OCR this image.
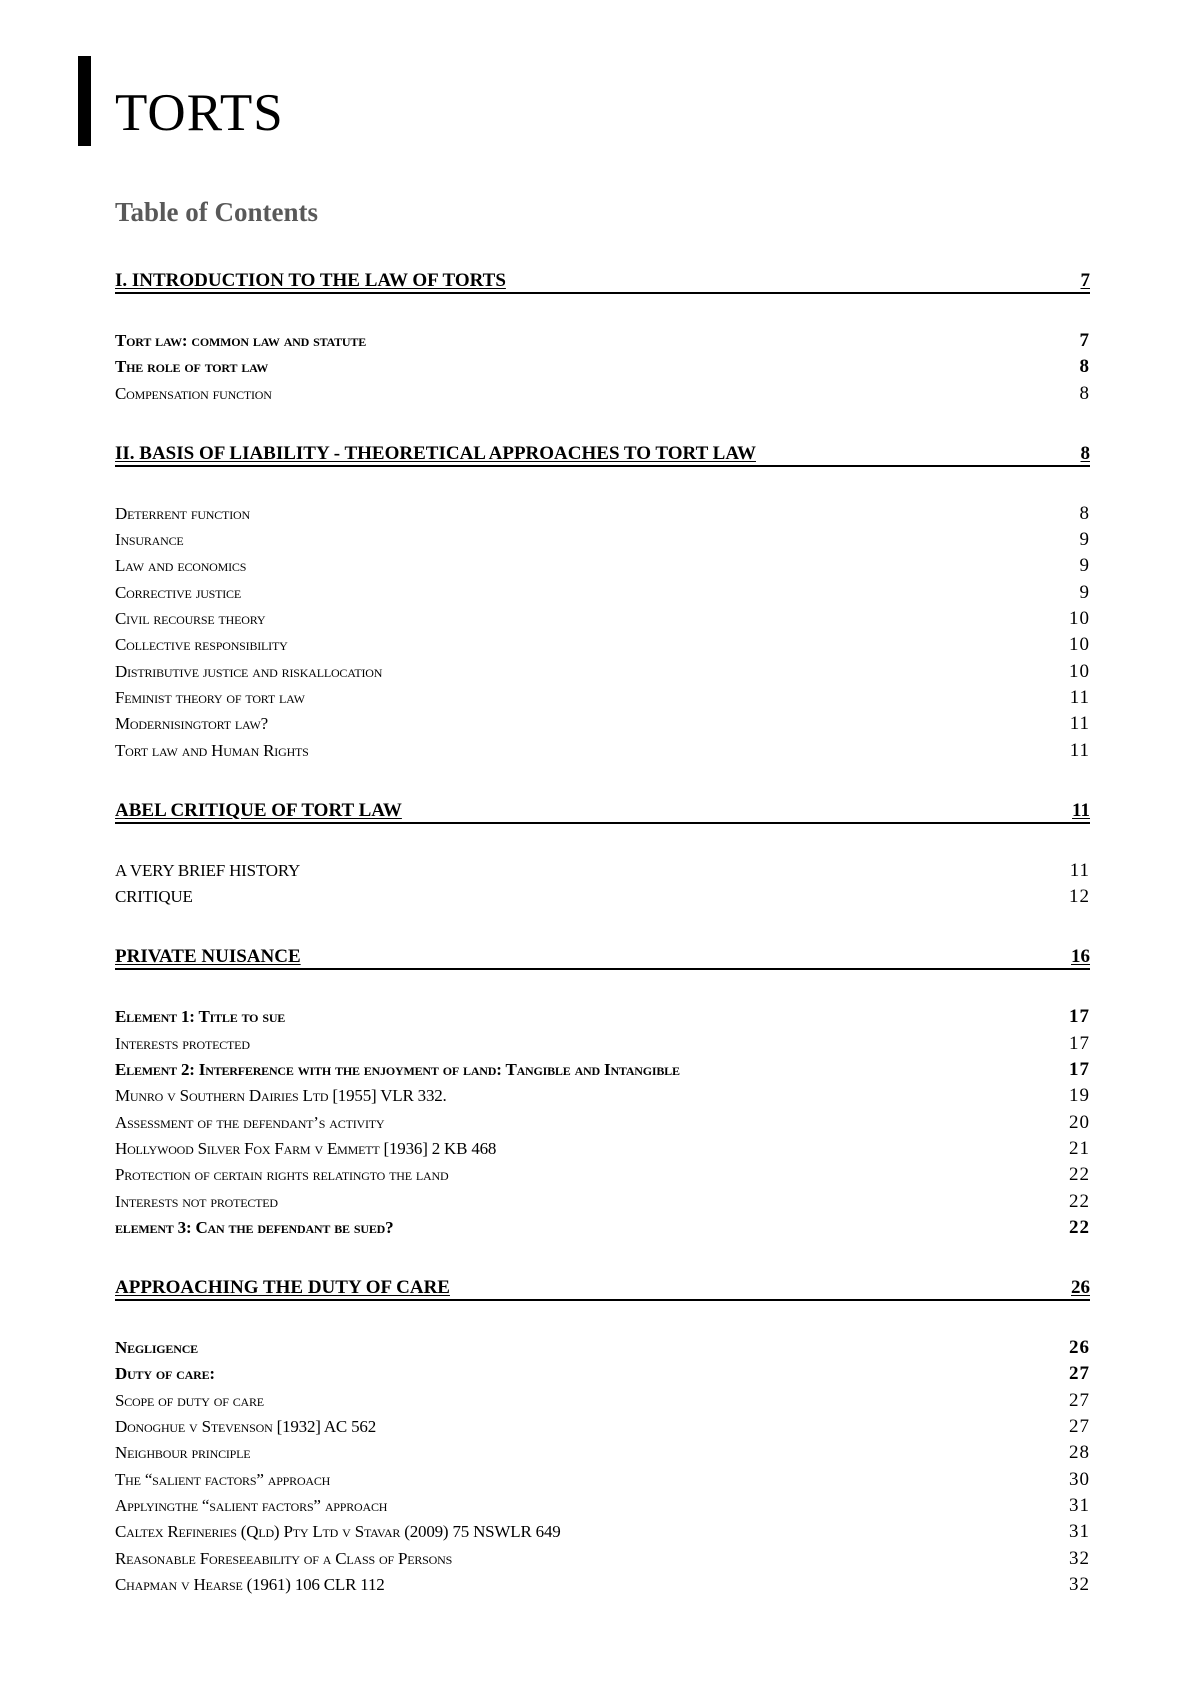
TORTS
Table of Contents
I. INTRODUCTION TO THE LAW OF TORTS	7
Tort law: common law and statute	7
The role of tort law	8
Compensation function	8
II. BASIS OF LIABILITY - THEORETICAL APPROACHES TO TORT LAW	8
Deterrent function	8
Insurance	9
Law and economics	9
Corrective justice	9
Civil recourse theory	10
Collective responsibility	10
Distributive justice and riskallocation	10
Feminist theory of tort law	11
Modernisingtort law?	11
Tort law and Human Rights	11
ABEL CRITIQUE OF TORT LAW	11
A VERY BRIEF HISTORY	11
CRITIQUE	12
PRIVATE NUISANCE	16
Element 1: Title to sue	17
Interests protected	17
Element 2: Interference with the enjoyment of land: Tangible and Intangible	17
Munro v Southern Dairies Ltd [1955] VLR 332.	19
Assessment of the defendant’s activity	20
Hollywood Silver Fox Farm v Emmett [1936] 2 KB 468	21
Protection of certain rights relatingto the land	22
Interests not protected	22
element 3: Can the defendant be sued?	22
APPROACHING THE DUTY OF CARE	26
Negligence	26
Duty of care:	27
Scope of duty of care	27
Donoghue v Stevenson [1932] AC 562	27
Neighbour principle	28
The “salient factors” approach	30
Applyingthe “salient factors” approach	31
Caltex Refineries (Qld) Pty Ltd v Stavar (2009) 75 NSWLR 649	31
Reasonable Foreseeability of a Class of Persons	32
Chapman v Hearse (1961) 106 CLR 112	32
